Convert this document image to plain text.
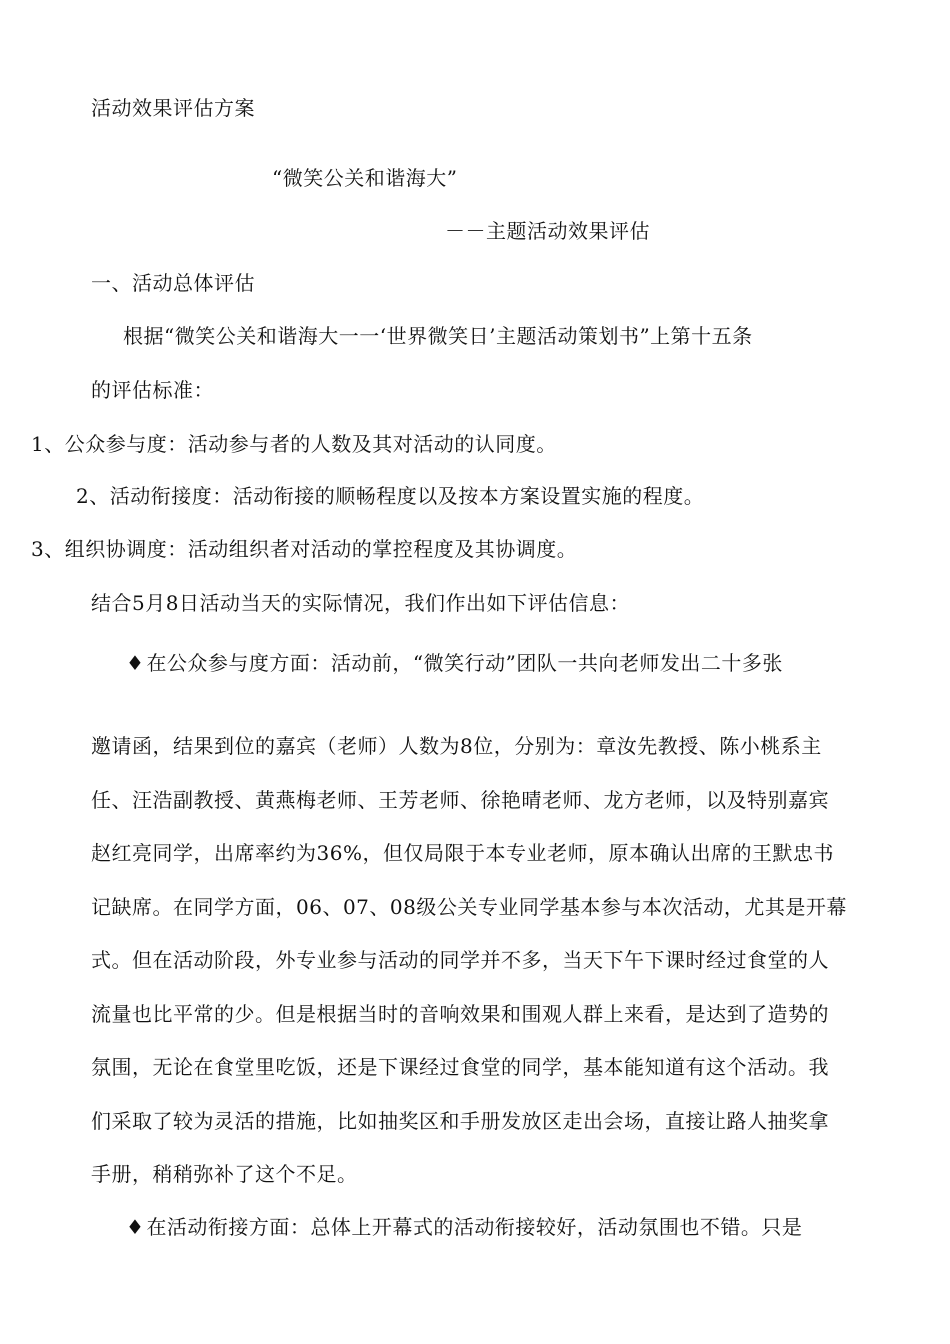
活动效果评估方案
“微笑公关和谐海大”
－－主题活动效果评估
一、活动总体评估
根据“微笑公关和谐海大一一‘世界微笑日’主题活动策划书”上第十五条
的评估标准：
1、公众参与度：活动参与者的人数及其对活动的认同度。
2、活动衔接度：活动衔接的顺畅程度以及按本方案设置实施的程度。
3、组织协调度：活动组织者对活动的掌控程度及其协调度。
结合5月8日活动当天的实际情况，我们作出如下评估信息：
♦ 在公众参与度方面：活动前，“微笑行动”团队一共向老师发出二十多张
邀请函，结果到位的嘉宾（老师）人数为8位，分别为：章汝先教授、陈小桃系主
任、汪浩副教授、黄燕梅老师、王芳老师、徐艳晴老师、龙方老师，以及特别嘉宾
赵红亮同学，出席率约为36%，但仅局限于本专业老师，原本确认出席的王默忠书
记缺席。在同学方面，06、07、08级公关专业同学基本参与本次活动，尤其是开幕
式。但在活动阶段，外专业参与活动的同学并不多，当天下午下课时经过食堂的人
流量也比平常的少。但是根据当时的音响效果和围观人群上来看，是达到了造势的
氛围，无论在食堂里吃饭，还是下课经过食堂的同学，基本能知道有这个活动。我
们采取了较为灵活的措施，比如抽奖区和手册发放区走出会场，直接让路人抽奖拿
手册，稍稍弥补了这个不足。
♦ 在活动衔接方面：总体上开幕式的活动衔接较好，活动氛围也不错。只是
